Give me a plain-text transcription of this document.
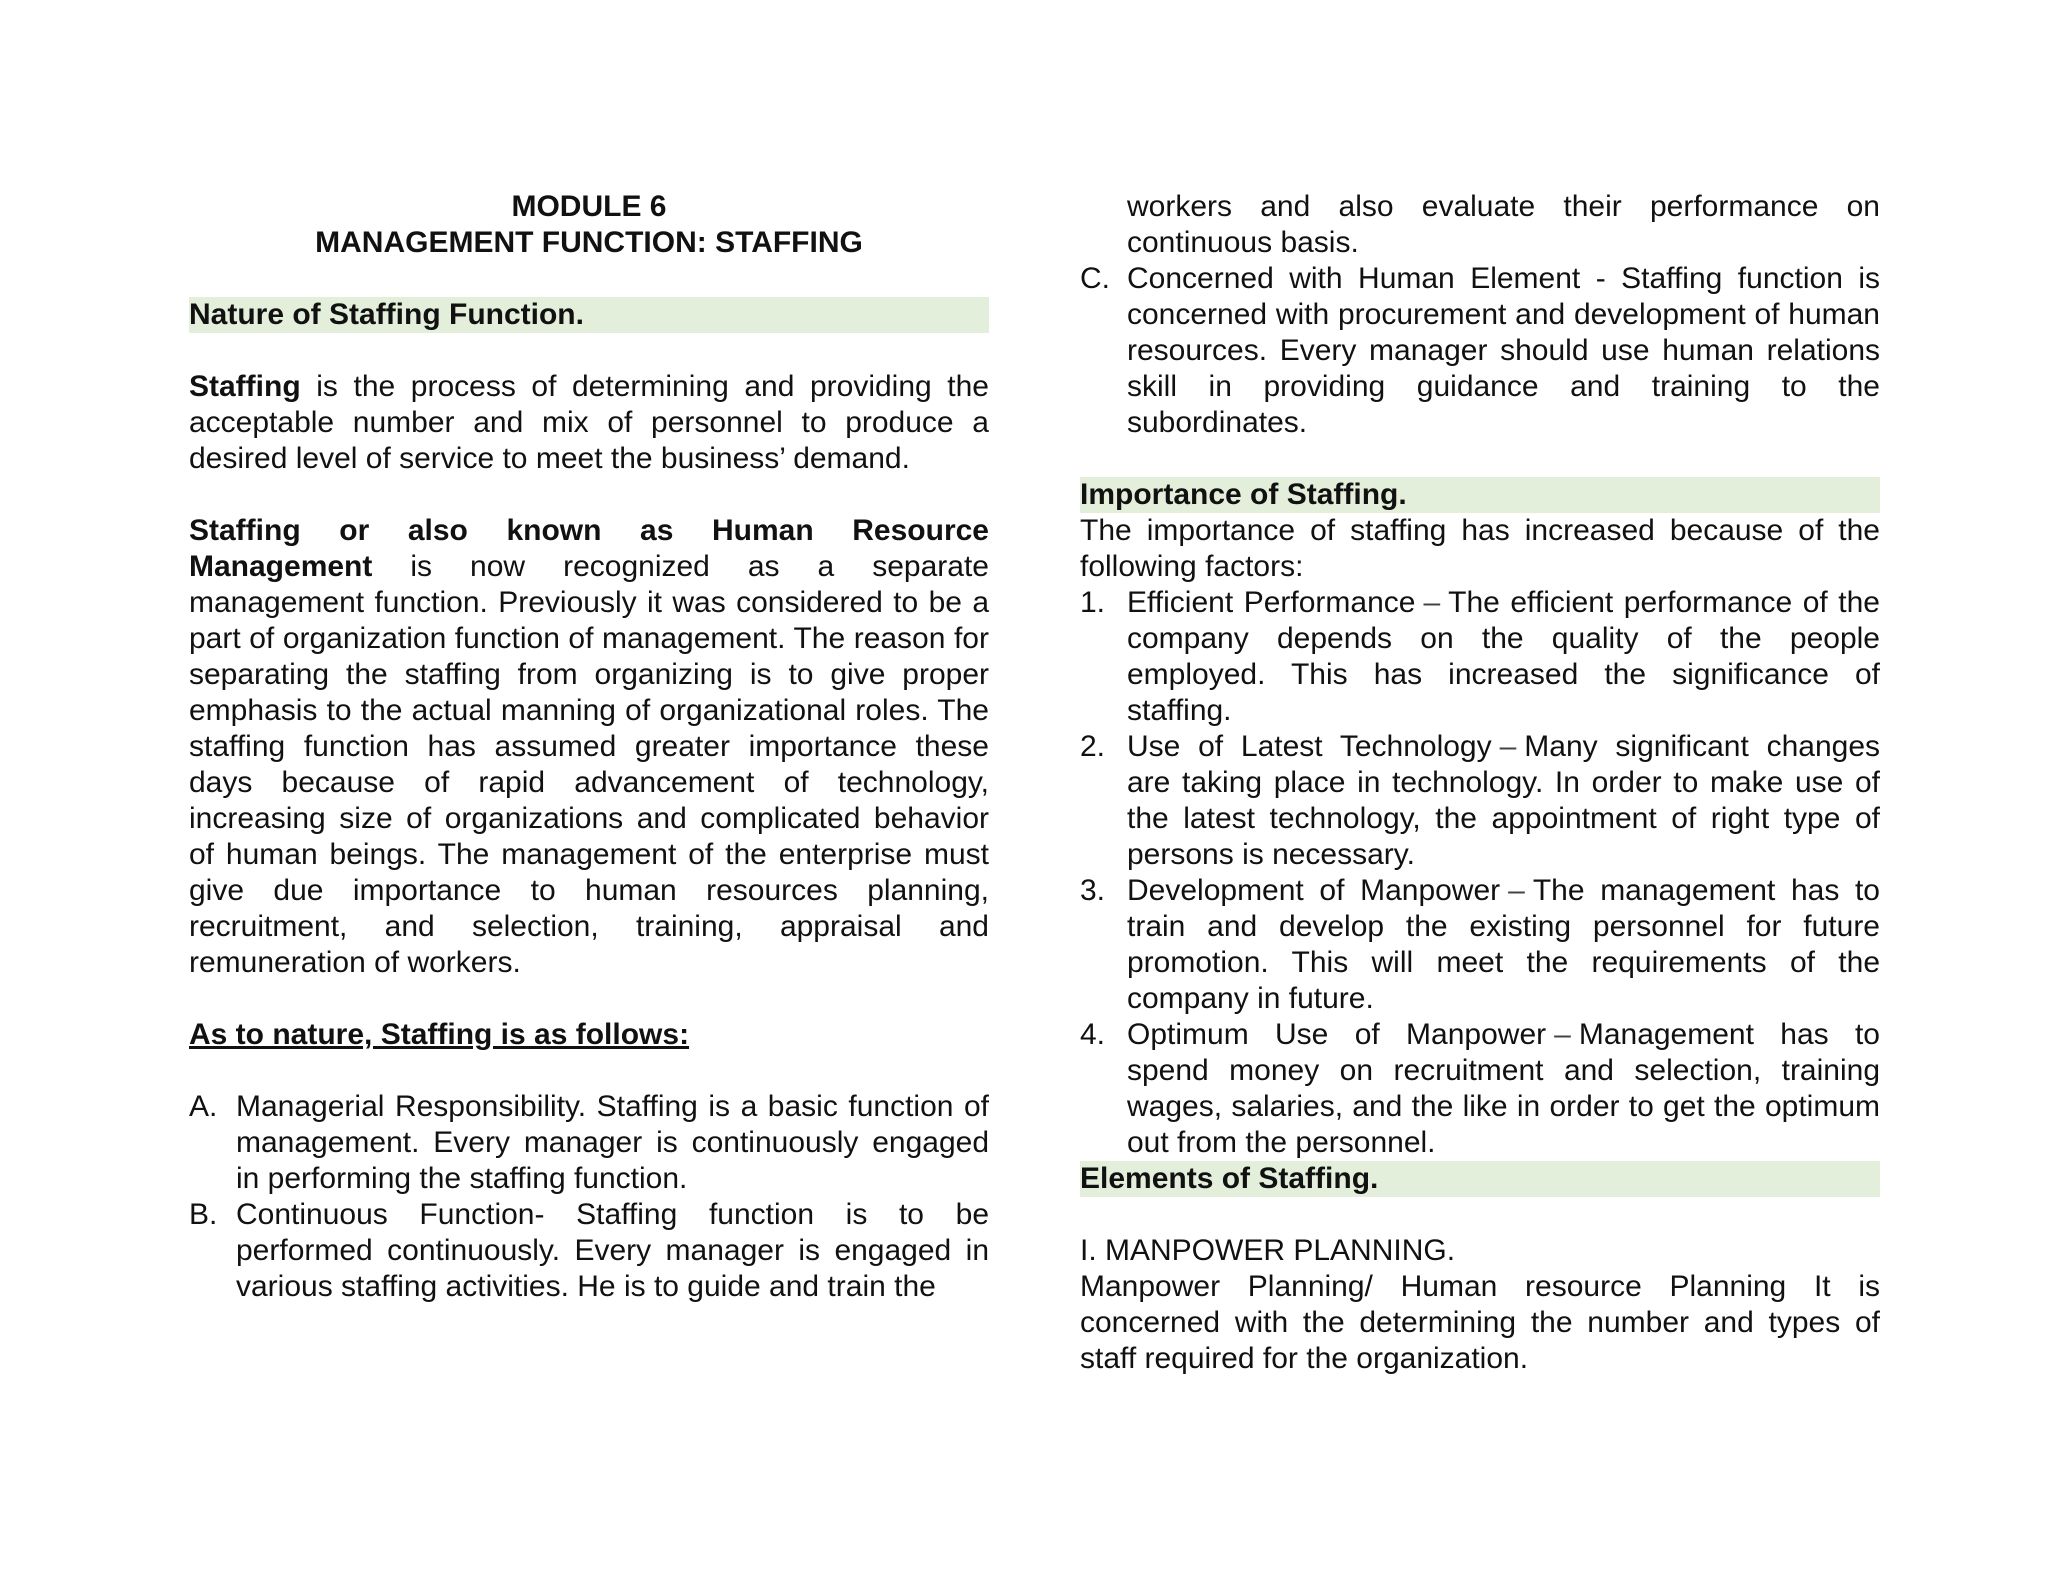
MODULE 6
MANAGEMENT FUNCTION: STAFFING
Nature of Staffing Function.

Staffing is the process of determining and providing the acceptable number and mix of personnel to produce a desired level of service to meet the business’ demand.

Staffing or also known as Human Resource Management is now recognized as a separate management function. Previously it was considered to be a part of organization function of management. The reason for separating the staffing from organizing is to give proper emphasis to the actual manning of organizational roles. The staffing function has assumed greater importance these days because of rapid advancement of technology, increasing size of organizations and complicated behavior of human beings. The management of the enterprise must give due importance to human resources planning, recruitment, and selection, training, appraisal and remuneration of workers.

As to nature, Staffing is as follows:
A. Managerial Responsibility. Staffing is a basic function of management. Every manager is continuously engaged in performing the staffing function.
B. Continuous Function- Staffing function is to be performed continuously. Every manager is engaged in various staffing activities. He is to guide and train the
workers and also evaluate their performance on continuous basis.
C. Concerned with Human Element - Staffing function is concerned with procurement and development of human resources. Every manager should use human relations skill in providing guidance and training to the subordinates.
Importance of Staffing.

The importance of staffing has increased because of the following factors:

1. Efficient Performance – The efficient performance of the company depends on the quality of the people employed. This has increased the significance of staffing.
2. Use of Latest Technology – Many significant changes are taking place in technology. In order to make use of the latest technology, the appointment of right type of persons is necessary.
3. Development of Manpower – The management has to train and develop the existing personnel for future promotion. This will meet the requirements of the company in future.
4. Optimum Use of Manpower – Management has to spend money on recruitment and selection, training wages, salaries, and the like in order to get the optimum out from the personnel.
Elements of Staffing.
I. MANPOWER PLANNING.

Manpower Planning/ Human resource Planning It is concerned with the determining the number and types of staff required for the organization.
